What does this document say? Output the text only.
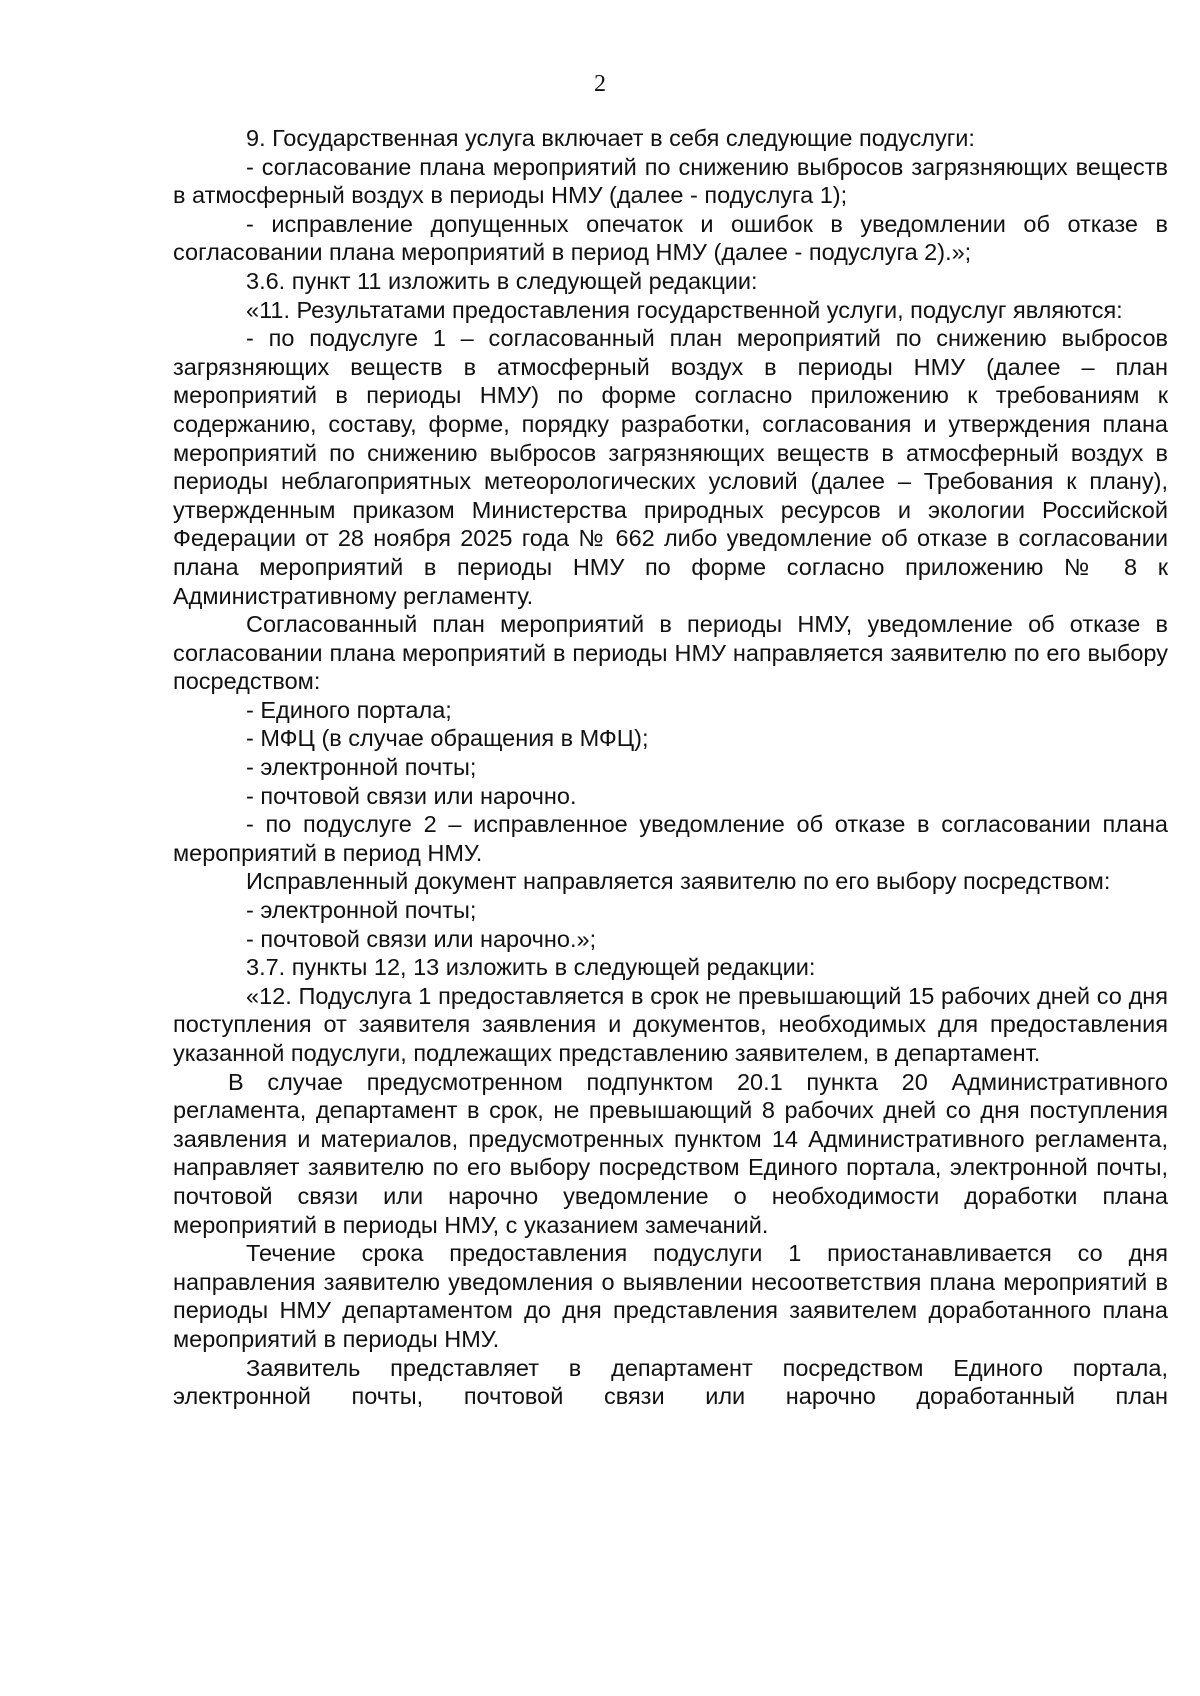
2

9. Государственная услуга включает в себя следующие подуслуги:

- согласование плана мероприятий по снижению выбросов загрязняющих веществ в атмосферный воздух в периоды НМУ (далее - подуслуга 1);

- исправление допущенных опечаток и ошибок в уведомлении об отказе в согласовании плана мероприятий в период НМУ (далее - подуслуга 2).»;

3.6. пункт 11 изложить в следующей редакции:

«11. Результатами предоставления государственной услуги, подуслуг являются:

- по подуслуге 1 – согласованный план мероприятий по снижению выбросов загрязняющих веществ в атмосферный воздух в периоды НМУ (далее – план мероприятий в периоды НМУ) по форме согласно приложению к требованиям к содержанию, составу, форме, порядку разработки, согласования и утверждения плана мероприятий по снижению выбросов загрязняющих веществ в атмосферный воздух в периоды неблагоприятных метеорологических условий (далее – Требования к плану), утвержденным приказом Министерства природных ресурсов и экологии Российской Федерации от 28 ноября 2025 года № 662 либо уведомление об отказе в согласовании плана мероприятий в периоды НМУ по форме согласно приложению № 8 к Административному регламенту.

Согласованный план мероприятий в периоды НМУ, уведомление об отказе в согласовании плана мероприятий в периоды НМУ направляется заявителю по его выбору посредством:

- Единого портала;

- МФЦ (в случае обращения в МФЦ);

- электронной почты;

- почтовой связи или нарочно.

- по подуслуге 2 – исправленное уведомление об отказе в согласовании плана мероприятий в период НМУ.

Исправленный документ направляется заявителю по его выбору посредством:

- электронной почты;

- почтовой связи или нарочно.»;

3.7. пункты 12, 13 изложить в следующей редакции:

«12. Подуслуга 1 предоставляется в срок не превышающий 15 рабочих дней со дня поступления от заявителя заявления и документов, необходимых для предоставления указанной подуслуги, подлежащих представлению заявителем, в департамент.

В случае предусмотренном подпунктом 20.1 пункта 20 Административного регламента, департамент в срок, не превышающий 8 рабочих дней со дня поступления заявления и материалов, предусмотренных пунктом 14 Административного регламента, направляет заявителю по его выбору посредством Единого портала, электронной почты, почтовой связи или нарочно уведомление о необходимости доработки плана мероприятий в периоды НМУ, с указанием замечаний.

Течение срока предоставления подуслуги 1 приостанавливается со дня направления заявителю уведомления о выявлении несоответствия плана мероприятий в периоды НМУ департаментом до дня представления заявителем доработанного плана мероприятий в периоды НМУ.

Заявитель представляет в департамент посредством Единого портала, электронной почты, почтовой связи или нарочно доработанный план
